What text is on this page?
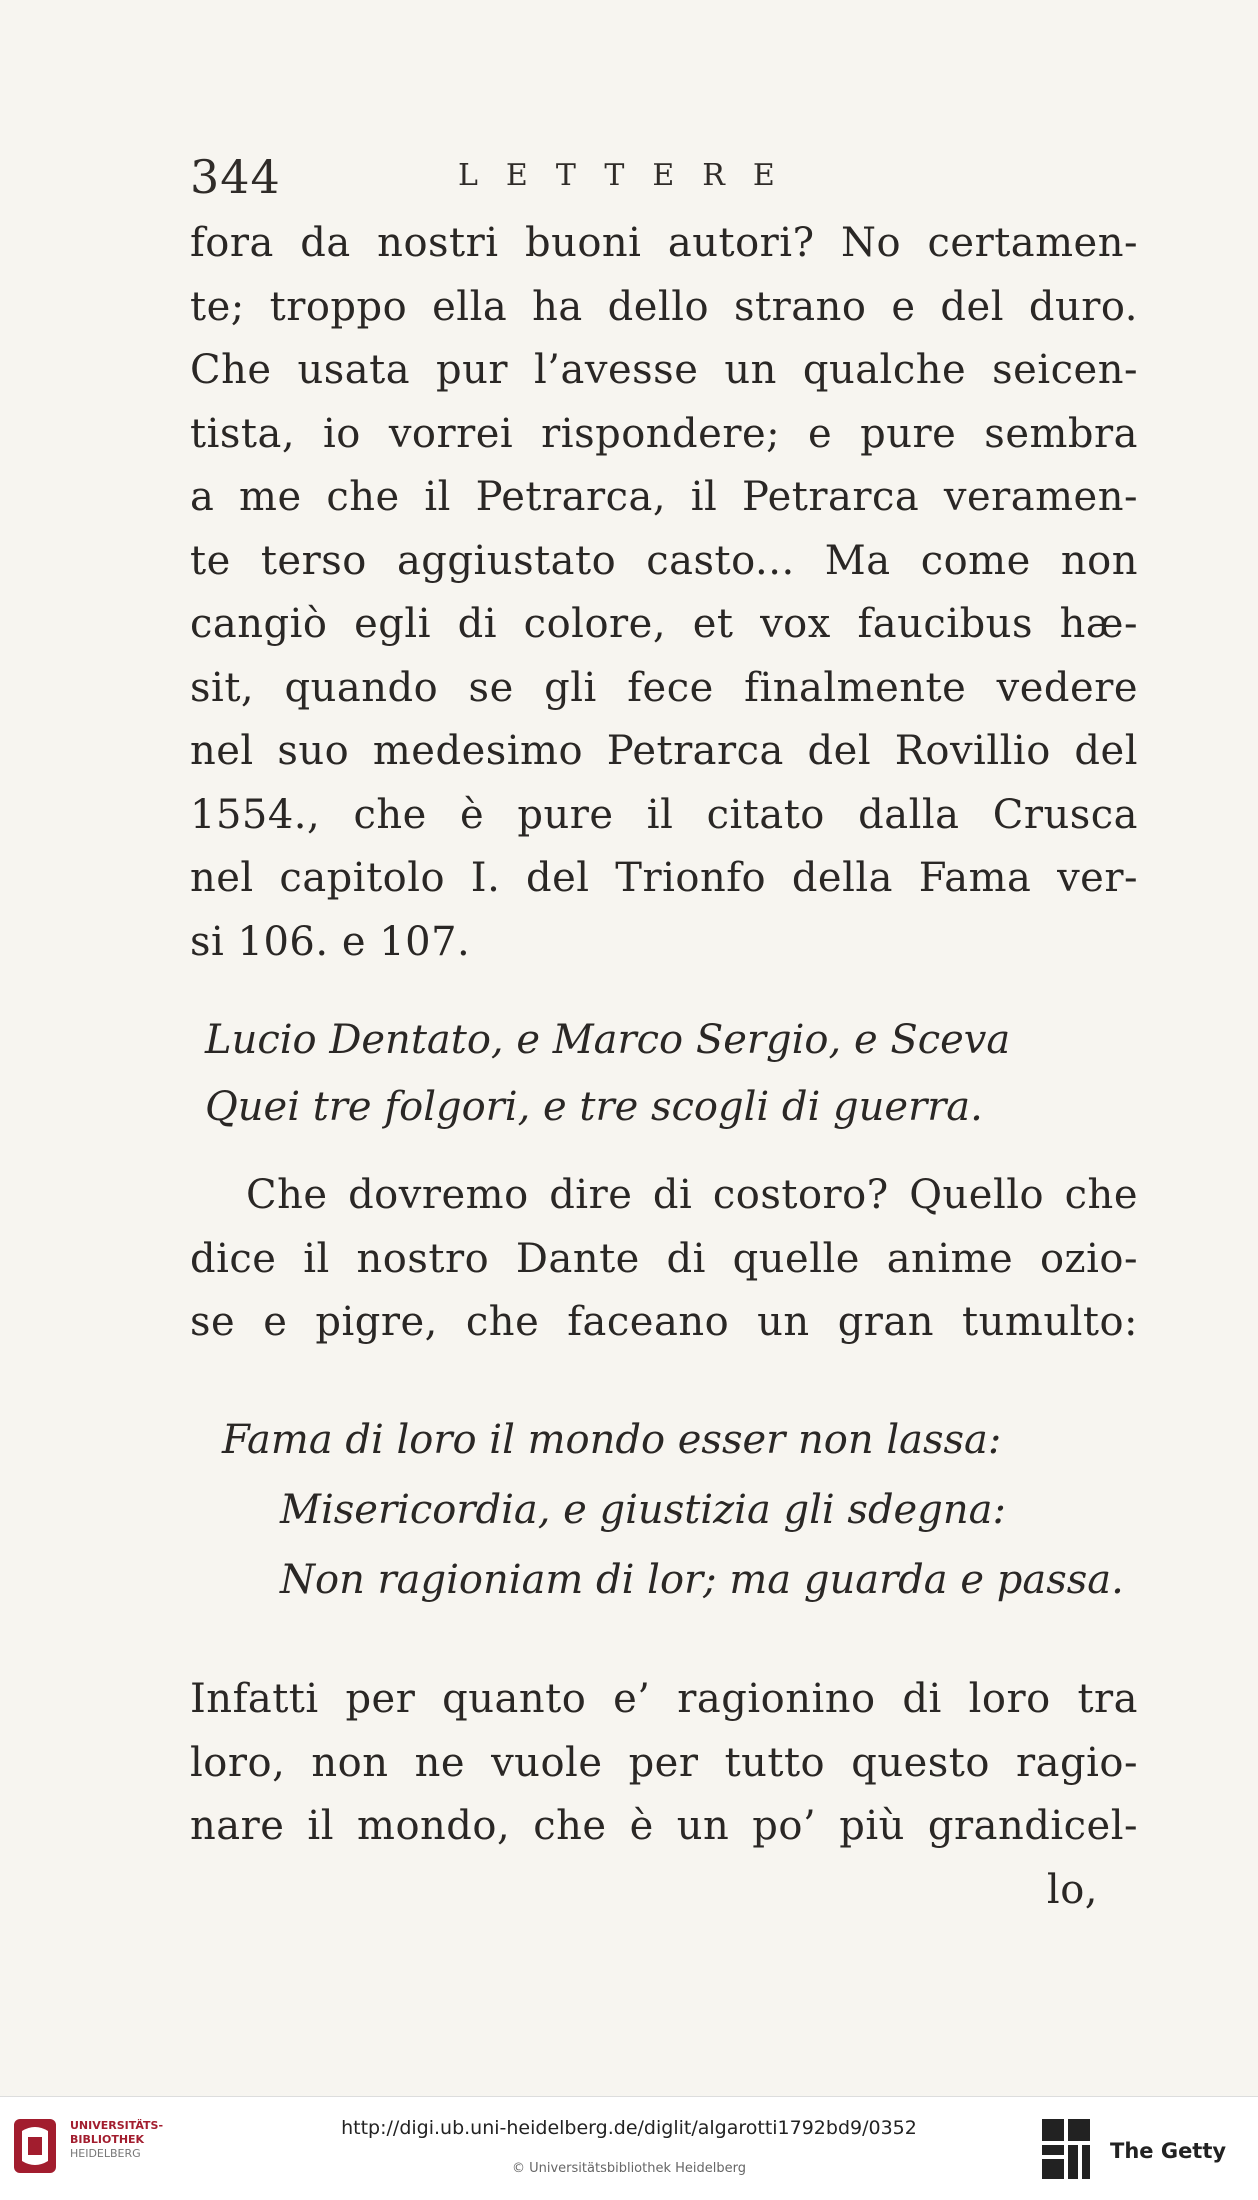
344	LETTERE
fora da nostri buoni autori? No certamen-
te; troppo ella ha dello strano e del duro.
Che usata pur l’avesse un qualche seicen-
tista, io vorrei rispondere; e pure sembra
a me che il Petrarca, il Petrarca veramen-
te terso aggiustato casto... Ma come non
cangiò egli di colore, et vox faucibus hæ-
sit, quando se gli fece finalmente vedere
nel suo medesimo Petrarca del Rovillio del
1554., che è pure il citato dalla Crusca
nel capitolo I. del Trionfo della Fama ver-
si 106. e 107.
Lucio Dentato, e Marco Sergio, e Sceva
Quei tre folgori, e tre scogli di guerra.
Che dovremo dire di costoro? Quello che
dice il nostro Dante di quelle anime ozio-
se e pigre, che faceano un gran tumulto:
Fama di loro il mondo esser non lassa:
Misericordia, e giustizia gli sdegna:
Non ragioniam di lor; ma guarda e passa.
Infatti per quanto e’ ragionino di loro tra
loro, non ne vuole per tutto questo ragio-
nare il mondo, che è un po’ più grandicel-
lo,
UNIVERSITÄTS-
BIBLIOTHEK
HEIDELBERG
http://digi.ub.uni-heidelberg.de/diglit/algarotti1792bd9/0352
© Universitätsbibliothek Heidelberg
The Getty
